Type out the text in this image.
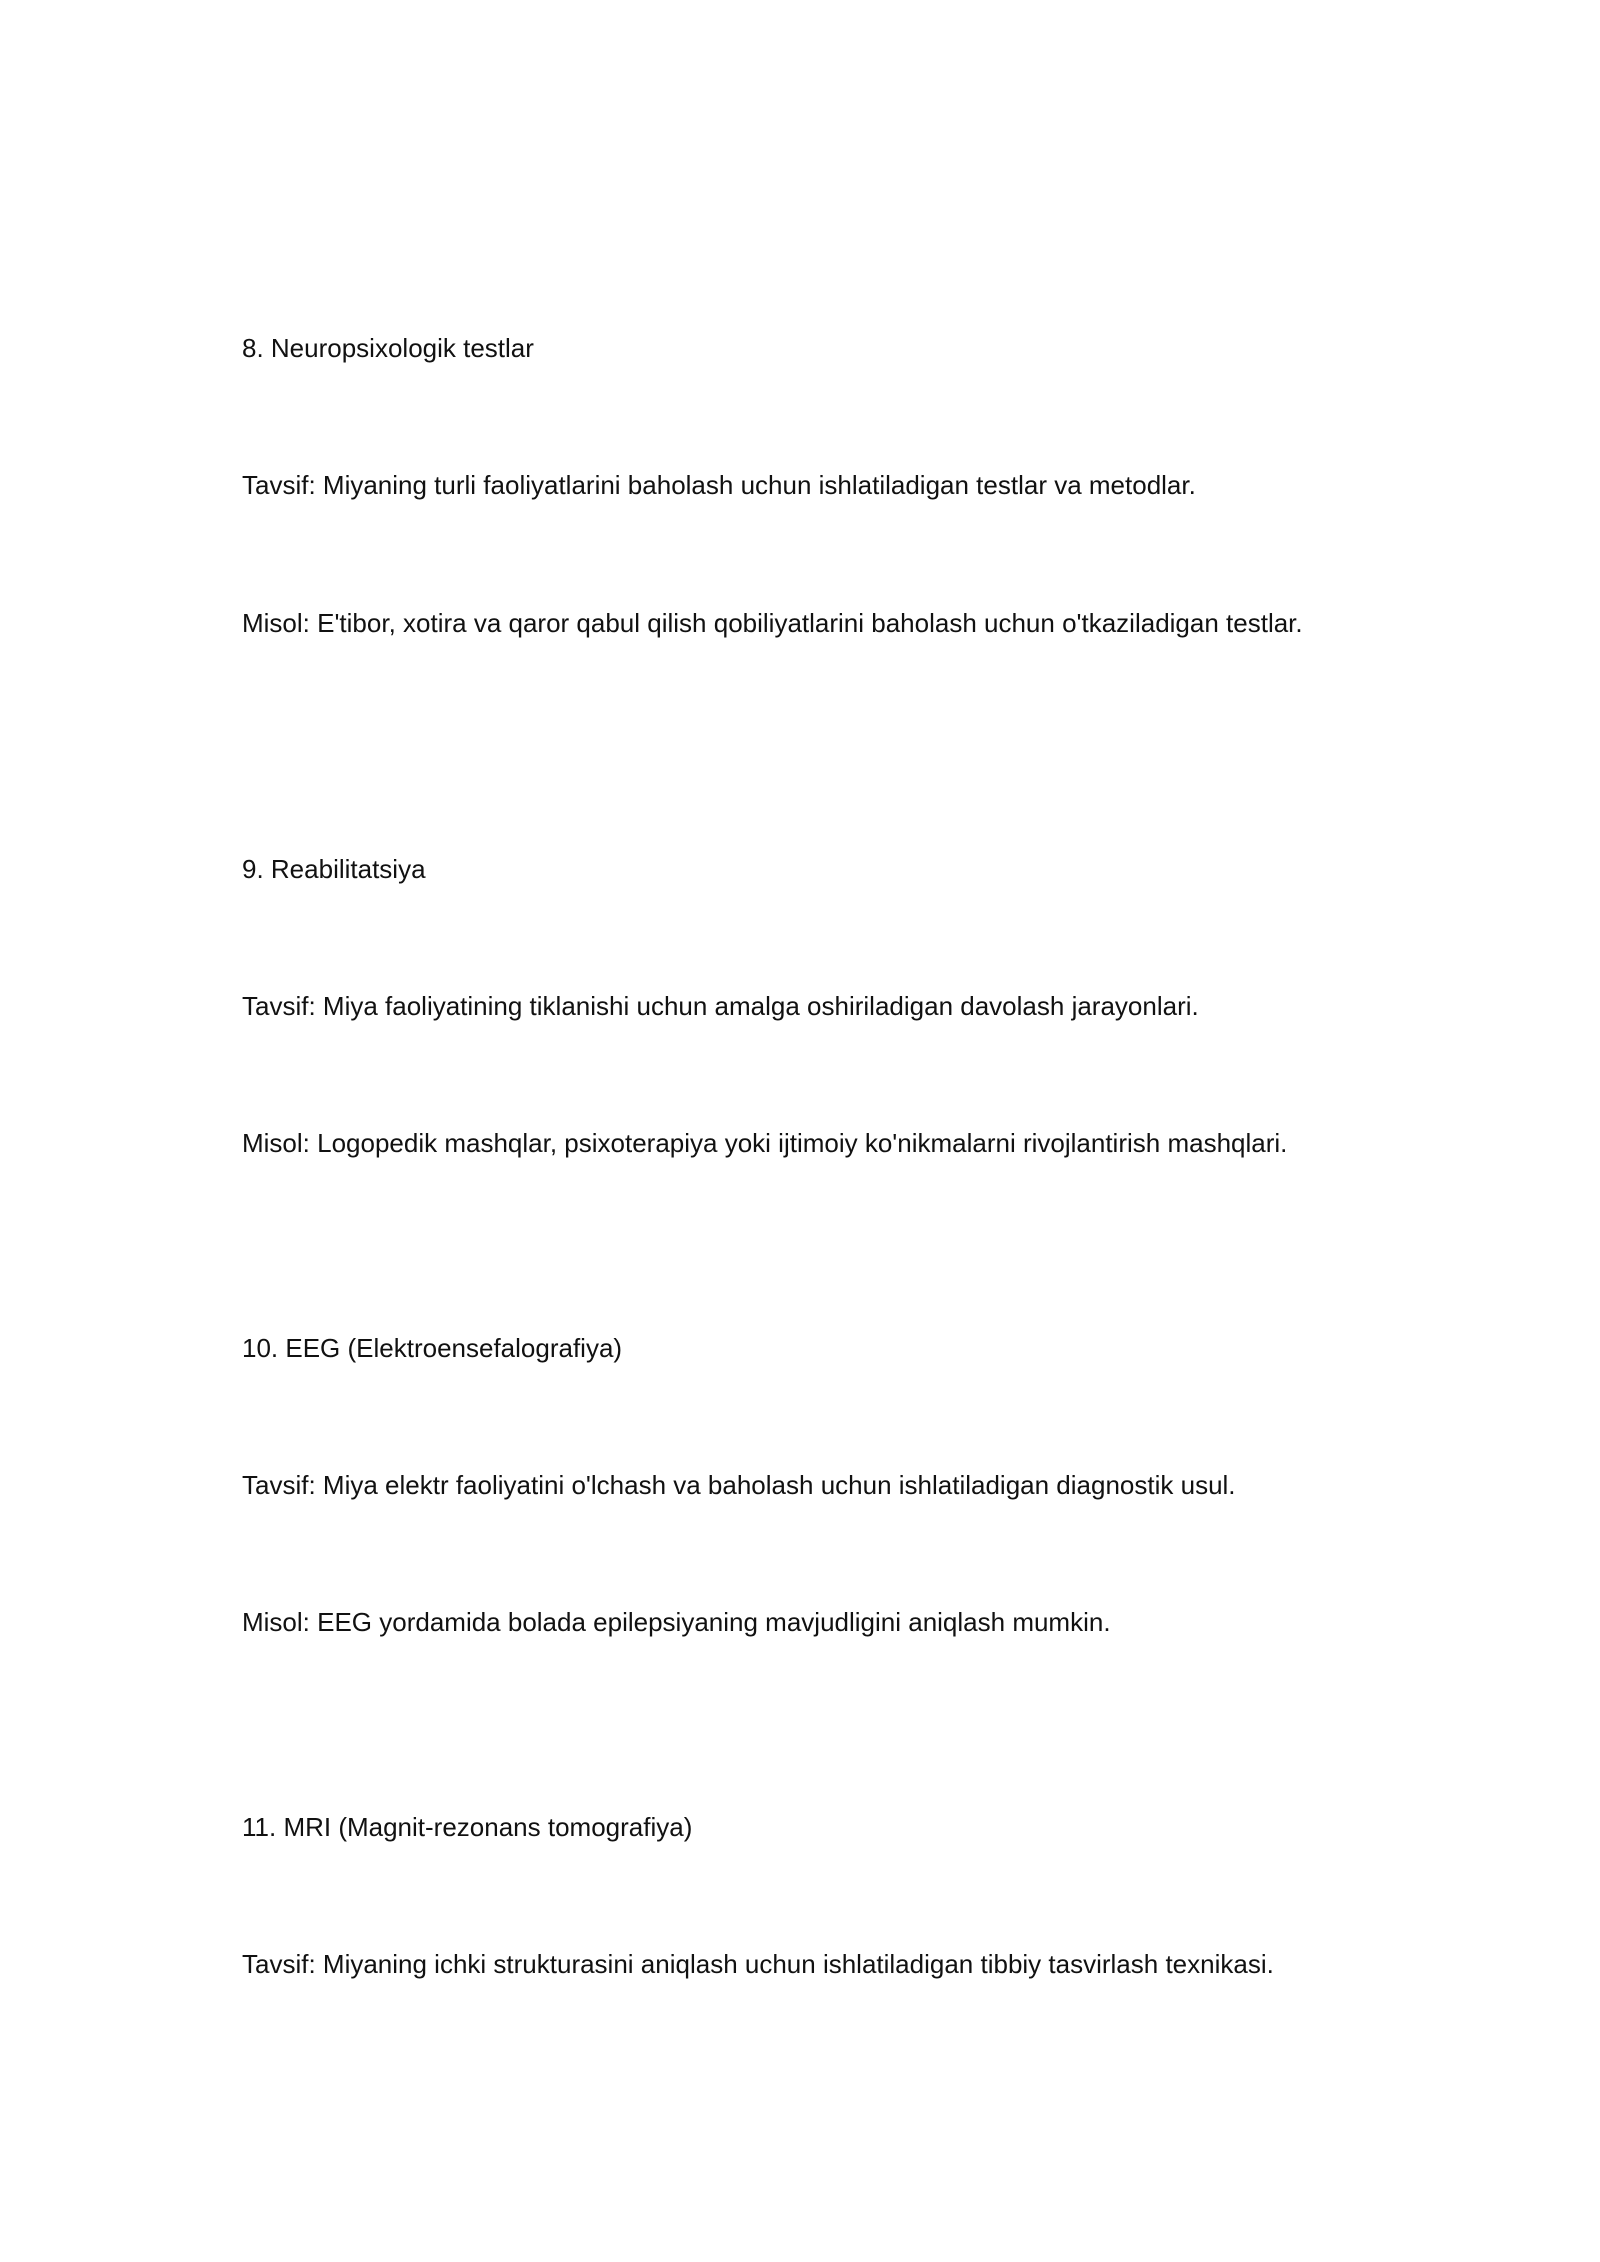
8. Neuropsixologik testlar
Tavsif: Miyaning turli faoliyatlarini baholash uchun ishlatiladigan testlar va metodlar.
Misol: E'tibor, xotira va qaror qabul qilish qobiliyatlarini baholash uchun o'tkaziladigan testlar.
9. Reabilitatsiya
Tavsif: Miya faoliyatining tiklanishi uchun amalga oshiriladigan davolash jarayonlari.
Misol: Logopedik mashqlar, psixoterapiya yoki ijtimoiy ko'nikmalarni rivojlantirish mashqlari.
10. EEG (Elektroensefalografiya)
Tavsif: Miya elektr faoliyatini o'lchash va baholash uchun ishlatiladigan diagnostik usul.
Misol: EEG yordamida bolada epilepsiyaning mavjudligini aniqlash mumkin.
11. MRI (Magnit-rezonans tomografiya)
Tavsif: Miyaning ichki strukturasini aniqlash uchun ishlatiladigan tibbiy tasvirlash texnikasi.
